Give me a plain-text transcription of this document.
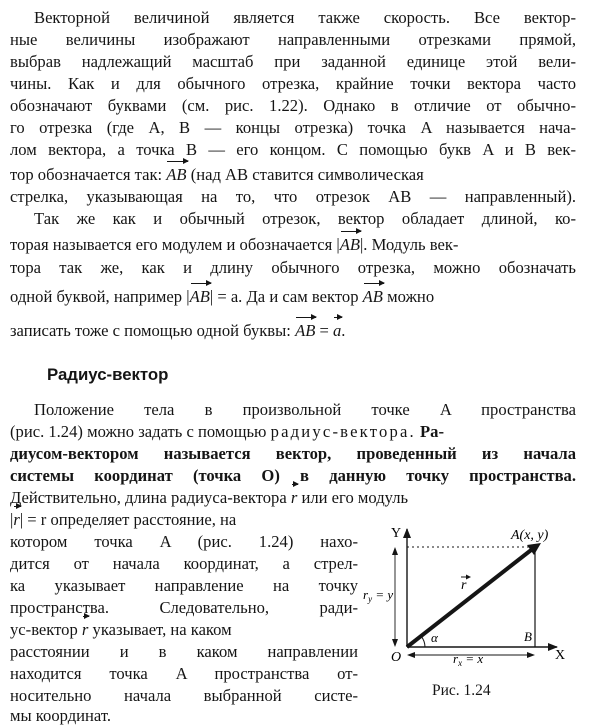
Векторной величиной является также скорость. Все вектор-
ные величины изображают направленными отрезками прямой,
выбрав надлежащий масштаб при заданной единице этой вели-
чины. Как и для обычного отрезка, крайние точки вектора часто
обозначают буквами (см. рис. 1.22). Однако в отличие от обычно-
го отрезка (где A, B — концы отрезка) точка A называется нача-
лом вектора, а точка B — его концом. С помощью букв A и B век-
тор обозначается так: AB (над AB ставится символическая
стрелка, указывающая на то, что отрезок AB — направленный).
Так же как и обычный отрезок, вектор обладает длиной, ко-
торая называется его модулем и обозначается |AB|. Модуль век-
тора так же, как и длину обычного отрезка, можно обозначать
одной буквой, например |AB| = a. Да и сам вектор AB можно
записать тоже с помощью одной буквы: AB = a.
Радиус-вектор
Положение тела в произвольной точке A пространства
(рис. 1.24) можно задать с помощью радиус-вектора. Ра-
диусом-вектором называется вектор, проведенный из начала
системы координат (точка O) в данную точку пространства.
Действительно, длина радиуса-вектора r или его модуль
|r| = r определяет расстояние, на
котором точка A (рис. 1.24) нахо-
дится от начала координат, а стрел-
ка указывает направление на точку
пространства. Следовательно, ради-
ус-вектор r указывает, на каком
расстоянии и в каком направлении
находится точка A пространства от-
носительно начала выбранной систе-
мы координат.
Y
X
O
A(x, y)
B
r
α
$r_y = y$
$r_x = x$
Рис. 1.24
